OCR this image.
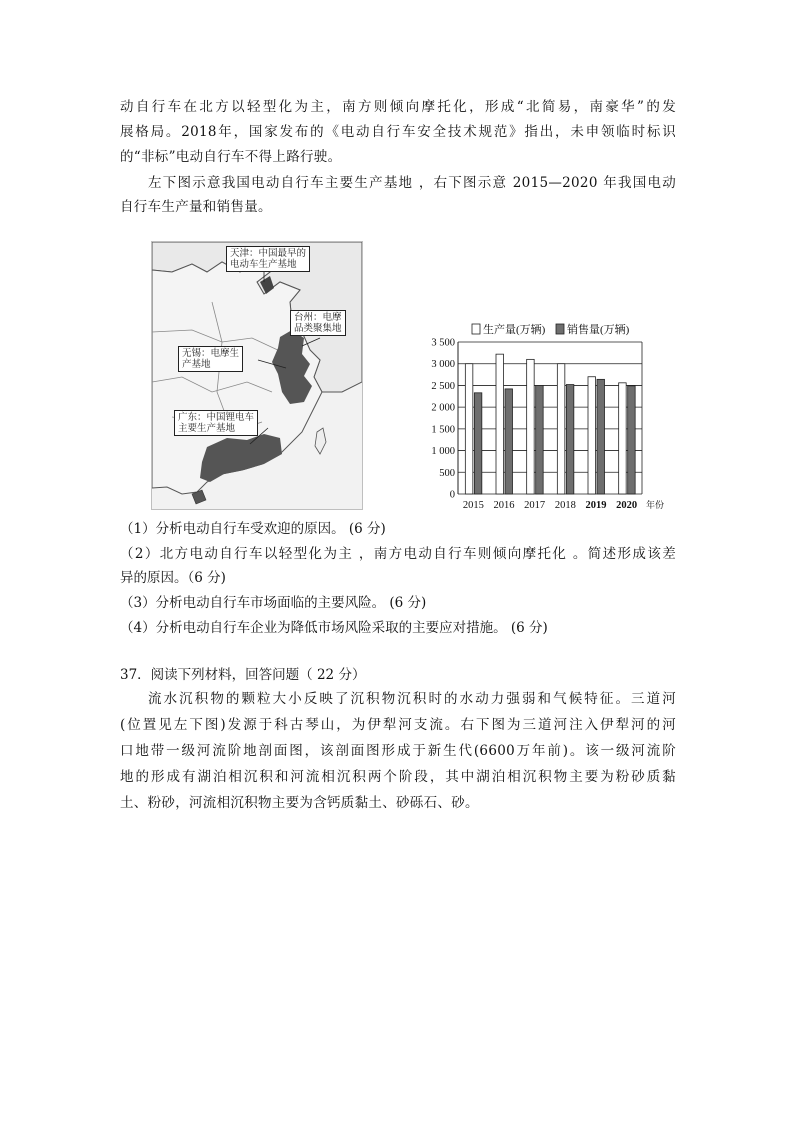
动自行车在北方以轻型化为主，南方则倾向摩托化，形成“北简易，南豪华”的发
展格局。2018年，国家发布的《电动自行车安全技术规范》指出，未申领临时标识
的“非标”电动自行车不得上路行驶。
左下图示意我国电动自行车主要生产基地 ，右下图示意 2015—2020 年我国电动
自行车生产量和销售量。
天津：中国最早的
电动车生产基地
台州：电摩
品类聚集地
无锡：电摩生
产基地
广东：中国锂电车
主要生产基地
0
500
1 000
1 500
2 000
2 500
3 000
3 500
2015 2016 2017 2018 2019 2020 年份
生产量(万辆) 销售量(万辆)
（1）分析电动自行车受欢迎的原因。 (6 分)
（2）北方电动自行车以轻型化为主 ，南方电动自行车则倾向摩托化 。简述形成该差
异的原因。（6 分)
（3）分析电动自行车市场面临的主要风险。 (6 分)
（4）分析电动自行车企业为降低市场风险采取的主要应对措施。 (6 分)
37．阅读下列材料，回答问题（ 22 分）
流水沉积物的颗粒大小反映了沉积物沉积时的水动力强弱和气候特征。三道河
(位置见左下图)发源于科古琴山，为伊犁河支流。右下图为三道河注入伊犁河的河
口地带一级河流阶地剖面图，该剖面图形成于新生代(6600万年前)。该一级河流阶
地的形成有湖泊相沉积和河流相沉积两个阶段，其中湖泊相沉积物主要为粉砂质黏
土、粉砂，河流相沉积物主要为含钙质黏土、砂砾石、砂。
